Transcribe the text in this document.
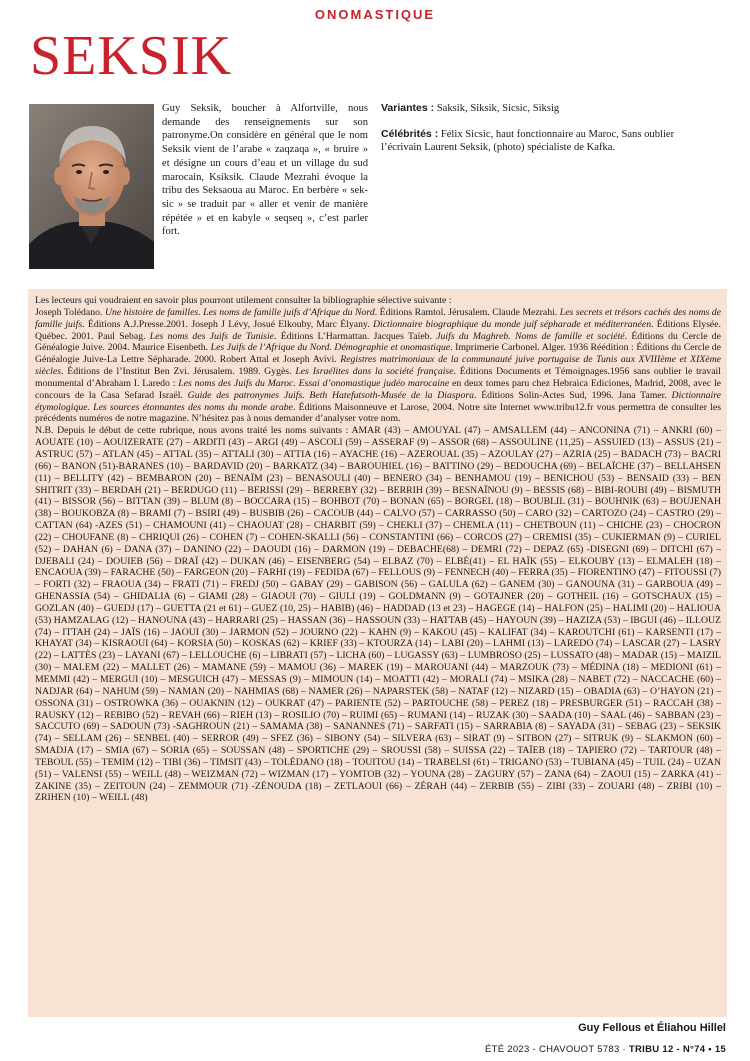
ONOMASTIQUE
SEKSIK
Guy Seksik, boucher à Alfortville, nous demande des renseignements sur son patronyme.On considère en général que le nom Seksik vient de l’arabe « zaqzaqa », « bruire » et désigne un cours d’eau et un village du sud marocain, Ksiksik. Claude Mezrahi évoque la tribu des Seksaoua au Maroc. En berbère « sek-sic » se traduit par « aller et venir de manière répétée » et en kabyle « seqseq », c’est parler fort.

Variantes : Saksik, Siksik, Sicsic, Siksig

Célébrités : Félix Sicsic, haut fonctionnaire au Maroc, Sans oublier l’écrivain Laurent Seksik, (photo) spécialiste de Kafka.

Les lecteurs qui voudraient en savoir plus pourront utilement consulter la bibliographie sélective suivante :

Joseph Tolédano. Une histoire de familles. Les noms de famille juifs d’Afrique du Nord. Éditions Ramtol. Jérusalem. Claude Mezrahi. Les secrets et trésors cachés des noms de famille juifs. Éditions A.J.Presse.2001. Joseph J Lévy, Josué Elkouby, Marc Élyany. Dictionnaire biographique du monde juif sépharade et méditerranéen. Éditions Elysée. Québec. 2001. Paul Sebag. Les noms des Juifs de Tunisie. Éditions L’Harmattan. Jacques Taïeb. Juifs du Maghreb. Noms de famille et société. Éditions du Cercle de Généalogie Juive. 2004. Maurice Eisenbeth. Les Juifs de l’Afrique du Nord. Démographie et onomastique. Imprimerie Carbonel. Alger. 1936 Réédition : Éditions du Cercle de Généalogie Juive-La Lettre Sépharade. 2000. Robert Attal et Joseph Avivi. Registres matrimoniaux de la communauté juive portugaise de Tunis aux XVIIIème et XIXème siècles. Éditions de l’Institut Ben Zvi. Jérusalem. 1989. Gygès. Les Israélites dans la société française. Éditions Documents et Témoignages.1956 sans oublier le travail monumental d’Abraham I. Laredo : Les noms des Juifs du Maroc. Essai d’onomastique judéo marocaine en deux tomes paru chez Hebraica Ediciones, Madrid, 2008, avec le concours de la Casa Sefarad Israël. Guide des patronymes Juifs. Beth Hatefutsoth-Musée de la Diaspora. Éditions Solin-Actes Sud, 1996. Jana Tamer. Dictionnaire étymologique. Les sources étonnantes des noms du monde arabe. Éditions Maisonneuve et Larose, 2004. Notre site Internet www.tribu12.fr vous permettra de consulter les précédents numéros de notre magazine. N’hésitez pas à nous demander d’analyser votre nom.

N.B. Depuis le début de cette rubrique, nous avons traité les noms suivants : AMAR (43) – AMOUYAL (47) – AMSALLEM (44) – ANCONINA (71) – ANKRI (60) – AOUATE (10) – AOUIZERATE (27) – ARDITI (43) – ARGI (49) – ASCOLI (59) – ASSERAF (9) – ASSOR (68) – ASSOULINE (11,25) – ASSUIED (13) – ASSUS (21) – ASTRUC (57) – ATLAN (45) – ATTAL (35) – ATTALI (30) – ATTIA (16) – AYACHE (16) – AZEROUAL (35) – AZOULAY (27) – AZRIA (25) – BADACH (73) – BACRI (66) – BANON (51)-BARANES (10) – BARDAVID (20) – BARKATZ (34) – BAROUHIEL (16) – BATTINO (29) – BEDOUCHA (69) – BELAÏCHE (37) – BELLAHSEN (11) – BELLITY (42) – BEMBARON (20) – BENAÏM (23) – BENASOULI (40) – BENERO (34) – BENHAMOU (19) – BENICHOU (53) – BENSAID (33) – BEN SHITRIT (33) – BERDAH (21) – BERDUGO (11) – BERISSI (29) – BERREBY (32) – BERRIH (39) – BESNAÏNOU (9) – BESSIS (68) – BIBI-ROUBI (49) – BISMUTH (41) – BISSOR (56) – BITTAN (39) – BLUM (8) – BOCCARA (15) – BOHBOT (70) – BONAN (65) – BORGEL (18) – BOUBLIL (31) – BOUHNIK (63) – BOUJENAH (38) – BOUKOBZA (8) – BRAMI (7) – BSIRI (49) – BUSBIB (26) – CACOUB (44) – CALVO (57) – CARRASSO (50) – CARO (32) – CARTOZO (24) – CASTRO (29) – CATTAN (64) -AZES (51) – CHAMOUNI (41) – CHAOUAT (28) – CHARBIT (59) – CHEKLI (37) – CHEMLA (11) – CHETBOUN (11) – CHICHE (23) – CHOCRON (22) – CHOUFANE (8) – CHRIQUI (26) – COHEN (7) – COHEN-SKALLI (56) – CONSTANTINI (66) – CORCOS (27) – CREMISI (35) – CUKIERMAN (9) – CURIEL (52) – DAHAN (6) – DANA (37) – DANINO (22) – DAOUDI (16) – DARMON (19) – DEBACHE(68) – DEMRI (72) – DEPAZ (65) -DISEGNI (69) – DITCHI (67) – DJEBALI (24) – DOUIEB (56) – DRAÏ (42) – DUKAN (46) – EISENBERG (54) – ELBAZ (70) – ELBÉ(41) – EL HAÏK (55) – ELKOUBY (13) – ELMALEH (18) – ENCAOUA (39) – FARACHE (50) – FARGEON (20) – FARHI (19) – FEDIDA (67) – FELLOUS (9) – FENNECH (40) – FERRA (35) – FIORENTINO (47) – FITOUSSI (7) – FORTI (32) – FRAOUA (34) – FRATI (71) – FREDJ (50) – GABAY (29) – GABISON (56) – GALULA (62) – GANEM (30) – GANOUNA (31) – GARBOUA (49) – GHENASSIA (54) – GHIDALIA (6) – GIAMI (28) – GIAOUI (70) – GIULI (19) – GOLDMANN (9) – GOTAJNER (20) – GOTHEIL (16) – GOTSCHAUX (15) – GOZLAN (40) – GUEDJ (17) – GUETTA (21 et 61) – GUEZ (10, 25) – HABIB) (46) – HADDAD (13 et 23) – HAGEGE (14) – HALFON (25) – HALIMI (20) – HALIOUA (53) HAMZALAG (12) – HANOUNA (43) – HARRARI (25) – HASSAN (36) – HASSOUN (33) – HATTAB (45) – HAYOUN (39) – HAZIZA (53) – IBGUI (46) – ILLOUZ (74) – ITTAH (24) – JAÏS (16) – JAOUI (30) – JARMON (52) – JOURNO (22) – KAHN (9) – KAKOU (45) – KALIFAT (34) – KAROUTCHI (61) – KARSENTI (17) – KHAYAT (34) – KISRAOUI (64) – KORSIA (50) – KOSKAS (62) – KRIEF (33) – KTOURZA (14) – LABI (20) – LAHMI (13) – LAREDO (74) – LASCAR (27) – LASRY (22) – LATTÈS (23) – LAYANI (67) – LELLOUCHE (6) – LIBRATI (57) – LICHA (60) – LUGASSY (63) – LUMBROSO (25) – LUSSATO (48) – MADAR (15) – MAIZIL (30) – MALEM (22) – MALLET (26) – MAMANE (59) – MAMOU (36) – MAREK (19) – MAROUANI (44) – MARZOUK (73) – MÉDINA (18) – MEDIONI (61) – MEMMI (42) – MERGUI (10) – MESGUICH (47) – MESSAS (9) – MIMOUN (14) – MOATTI (42) – MORALI (74) – MSIKA (28) – NABET (72) – NACCACHE (60) – NADJAR (64) – NAHUM (59) – NAMAN (20) – NAHMIAS (68) – NAMER (26) – NAPARSTEK (58) – NATAF (12) – NIZARD (15) – OBADIA (63) – O’HAYON (21) – OSSONA (31) – OSTROWKA (36) – OUAKNIN (12) – OUKRAT (47) – PARIENTE (52) – PARTOUCHE (58) – PEREZ (18) – PRESBURGER (51) – RACCAH (38) – RAUSKY (12) – REBIBO (52) – REVAH (66) – RIEH (13) – ROSILIO (70) – RUIMI (65) – RUMANI (14) – RUZAK (30) – SAADA (10) – SAAL (46) – SABBAN (23) – SACCUTO (69) – SADOUN (73) -SAGHROUN (21) – SAMAMA (38) – SANANNES (71) – SARFATI (15) – SARRABIA (8) – SAYADA (31) – SEBAG (23) – SEKSIK (74) – SELLAM (26) – SENBEL (40) – SERROR (49) – SFEZ (36) – SIBONY (54) – SILVERA (63) – SIRAT (9) – SITBON (27) – SITRUK (9) – SLAKMON (60) – SMADJA (17) – SMIA (67) – SORIA (65) – SOUSSAN (48) – SPORTICHE (29) – SROUSSI (58) – SUISSA (22) – TAÏEB (18) – TAPIERO (72) – TARTOUR (48) – TEBOUL (55) – TEMIM (12) – TIBI (36) – TIMSIT (43) – TOLÉDANO (18) – TOUITOU (14) – TRABELSI (61) – TRIGANO (53) – TUBIANA (45) – TUIL (24) – UZAN (51) – VALENSI (55) – WEILL (48) – WEIZMAN (72) – WIZMAN (17) – YOMTOB (32) – YOUNA (28) – ZAGURY (57) – ZANA (64) – ZAOUI (15) – ZARKA (41) – ZAKINE (35) – ZEITOUN (24) – ZEMMOUR (71) -ZÉNOUDA (18) – ZETLAOUI (66) – ZÉRAH (44) – ZERBIB (55) – ZIBI (33) – ZOUARI (48) – ZRIBI (10) – ZRIHEN (10) – WEILL (48)

Guy Fellous et Éliahou Hillel
ÉTÉ 2023 - CHAVOUOT 5783 · TRIBU 12 - N°74 • 15
